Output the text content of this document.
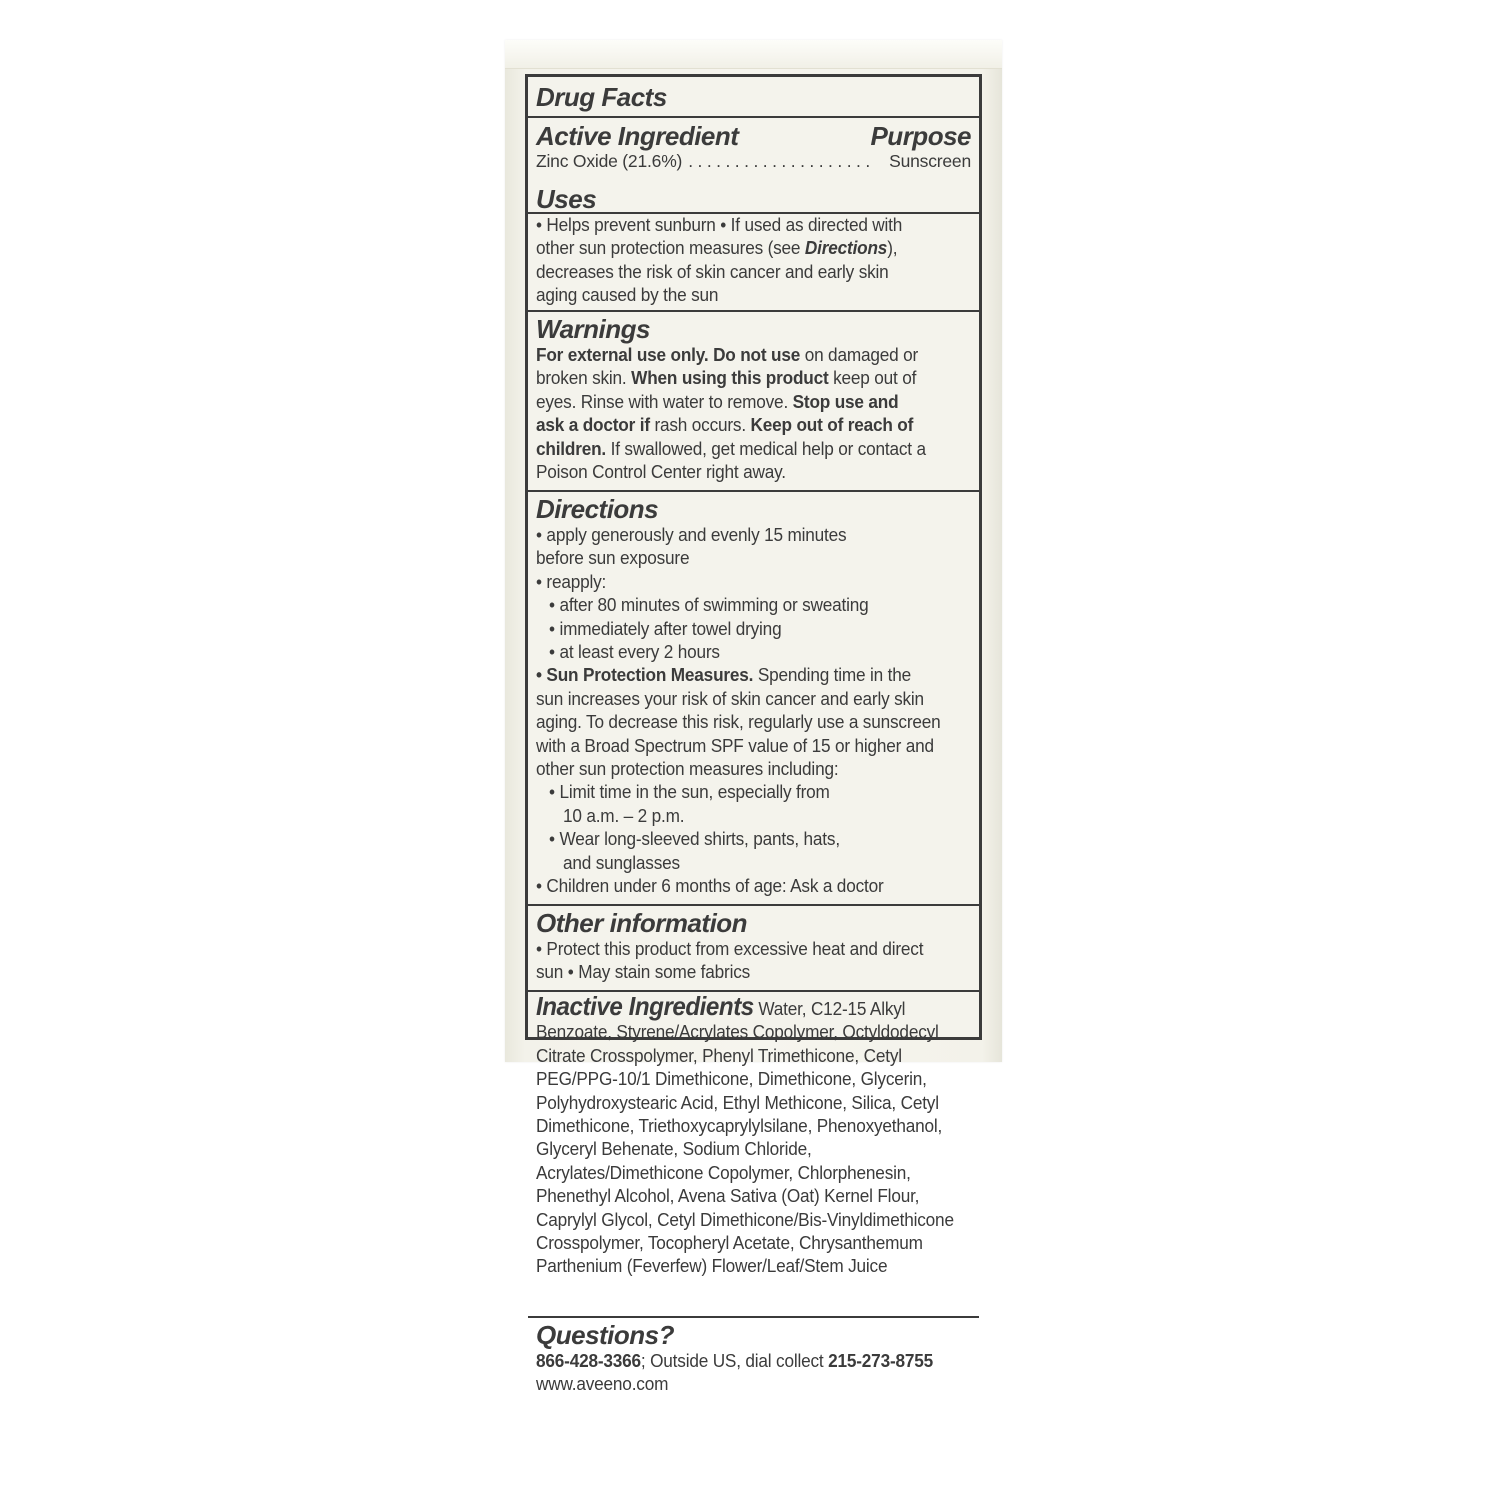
Drug Facts
Active Ingredient	Purpose
Zinc Oxide (21.6%) . . . . . . . . . . . . . . . . . . . .	Sunscreen
Uses
• Helps prevent sunburn • If used as directed with
other sun protection measures (see Directions),
decreases the risk of skin cancer and early skin
aging caused by the sun
Warnings
For external use only. Do not use on damaged or
broken skin. When using this product keep out of
eyes. Rinse with water to remove. Stop use and
ask a doctor if rash occurs. Keep out of reach of
children. If swallowed, get medical help or contact a
Poison Control Center right away.
Directions
• apply generously and evenly 15 minutes
before sun exposure
• reapply:
• after 80 minutes of swimming or sweating
• immediately after towel drying
• at least every 2 hours
• Sun Protection Measures. Spending time in the
sun increases your risk of skin cancer and early skin
aging. To decrease this risk, regularly use a sunscreen
with a Broad Spectrum SPF value of 15 or higher and
other sun protection measures including:
• Limit time in the sun, especially from
10 a.m. – 2 p.m.
• Wear long-sleeved shirts, pants, hats,
and sunglasses
• Children under 6 months of age: Ask a doctor
Other information
• Protect this product from excessive heat and direct
sun • May stain some fabrics
Inactive Ingredients Water, C12-15 Alkyl
Benzoate, Styrene/Acrylates Copolymer, Octyldodecyl
Citrate Crosspolymer, Phenyl Trimethicone, Cetyl
PEG/PPG-10/1 Dimethicone, Dimethicone, Glycerin,
Polyhydroxystearic Acid, Ethyl Methicone, Silica, Cetyl
Dimethicone, Triethoxycaprylylsilane, Phenoxyethanol,
Glyceryl Behenate, Sodium Chloride,
Acrylates/Dimethicone Copolymer, Chlorphenesin,
Phenethyl Alcohol, Avena Sativa (Oat) Kernel Flour,
Caprylyl Glycol, Cetyl Dimethicone/Bis-Vinyldimethicone
Crosspolymer, Tocopheryl Acetate, Chrysanthemum
Parthenium (Feverfew) Flower/Leaf/Stem Juice
Questions?
866-428-3366; Outside US, dial collect 215-273-8755
www.aveeno.com
